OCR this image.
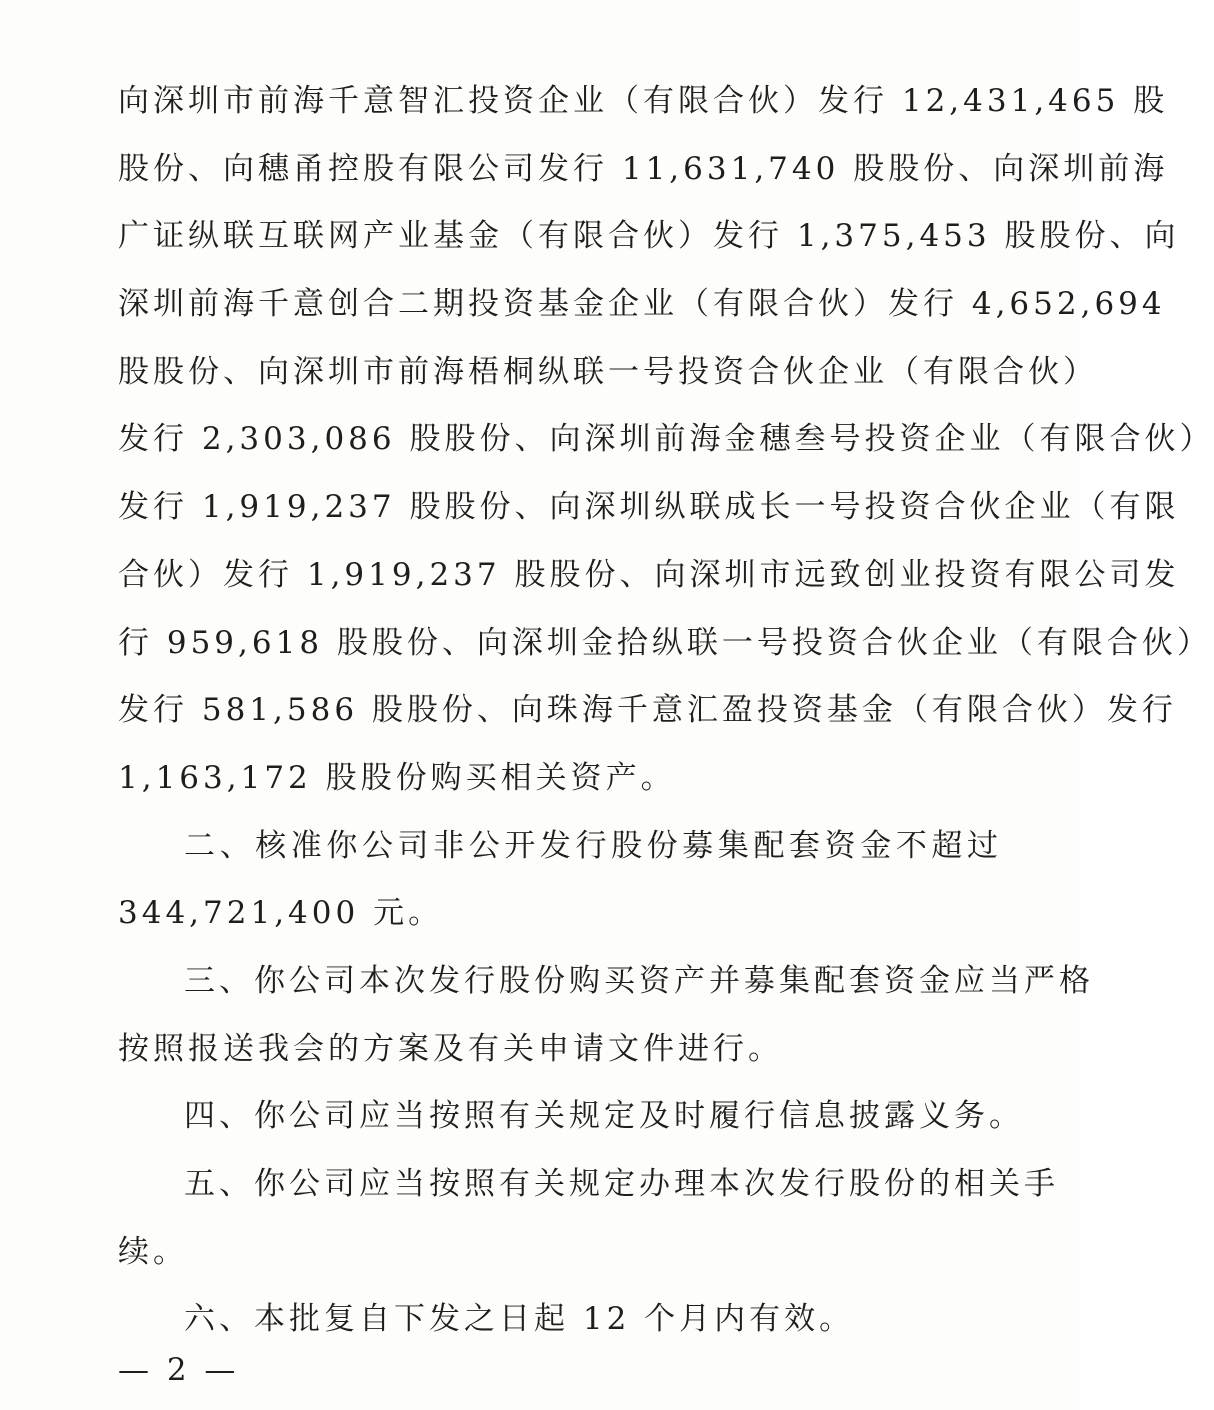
向深圳市前海千意智汇投资企业（有限合伙）发行 12,431,465 股
股份、向穗甬控股有限公司发行 11,631,740 股股份、向深圳前海
广证纵联互联网产业基金（有限合伙）发行 1,375,453 股股份、向
深圳前海千意创合二期投资基金企业（有限合伙）发行 4,652,694
股股份、向深圳市前海梧桐纵联一号投资合伙企业（有限合伙）
发行 2,303,086 股股份、向深圳前海金穗叁号投资企业（有限合伙）
发行 1,919,237 股股份、向深圳纵联成长一号投资合伙企业（有限
合伙）发行 1,919,237 股股份、向深圳市远致创业投资有限公司发
行 959,618 股股份、向深圳金拾纵联一号投资合伙企业（有限合伙）
发行 581,586 股股份、向珠海千意汇盈投资基金（有限合伙）发行
1,163,172 股股份购买相关资产。
二、核准你公司非公开发行股份募集配套资金不超过
344,721,400 元。
三、你公司本次发行股份购买资产并募集配套资金应当严格
按照报送我会的方案及有关申请文件进行。
四、你公司应当按照有关规定及时履行信息披露义务。
五、你公司应当按照有关规定办理本次发行股份的相关手
续。
六、本批复自下发之日起 12 个月内有效。
— 2 —
